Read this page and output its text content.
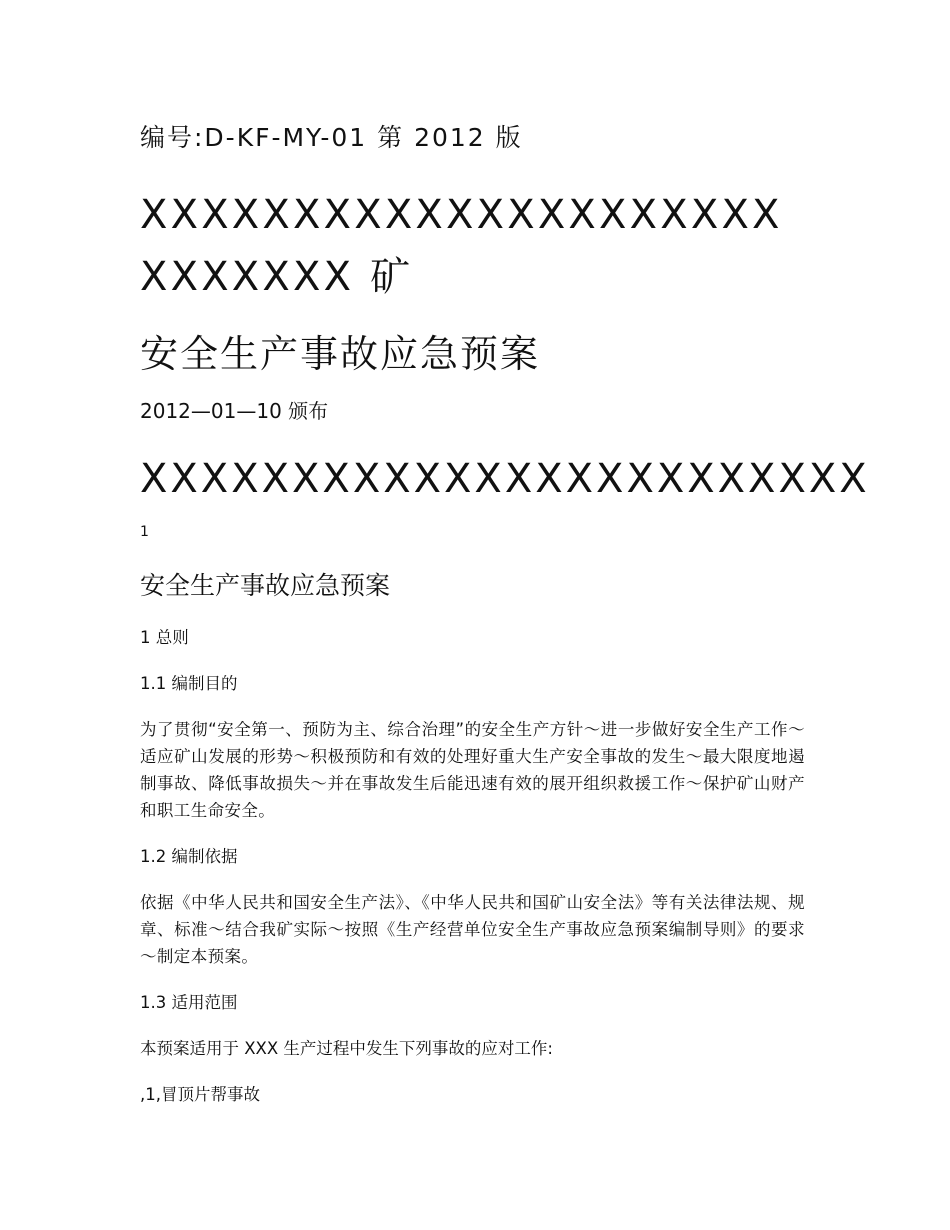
编号:D-KF-MY-01 第 2012 版
XXXXXXXXXXXXXXXXXXXXXXXXXXXX 矿
安全生产事故应急预案
2012—01—10 颁布
XXXXXXXXXXXXXXXXXXXXXXXX
1
安全生产事故应急预案
1 总则
1.1 编制目的
为了贯彻“安全第一、预防为主、综合治理”的安全生产方针～进一步做好安全生产工作～适应矿山发展的形势～积极预防和有效的处理好重大生产安全事故的发生～最大限度地遏制事故、降低事故损失～并在事故发生后能迅速有效的展开组织救援工作～保护矿山财产和职工生命安全。
1.2 编制依据
依据《中华人民共和国安全生产法》、《中华人民共和国矿山安全法》等有关法律法规、规章、标准～结合我矿实际～按照《生产经营单位安全生产事故应急预案编制导则》的要求～制定本预案。
1.3 适用范围
本预案适用于 XXX 生产过程中发生下列事故的应对工作:
,1,冒顶片帮事故
